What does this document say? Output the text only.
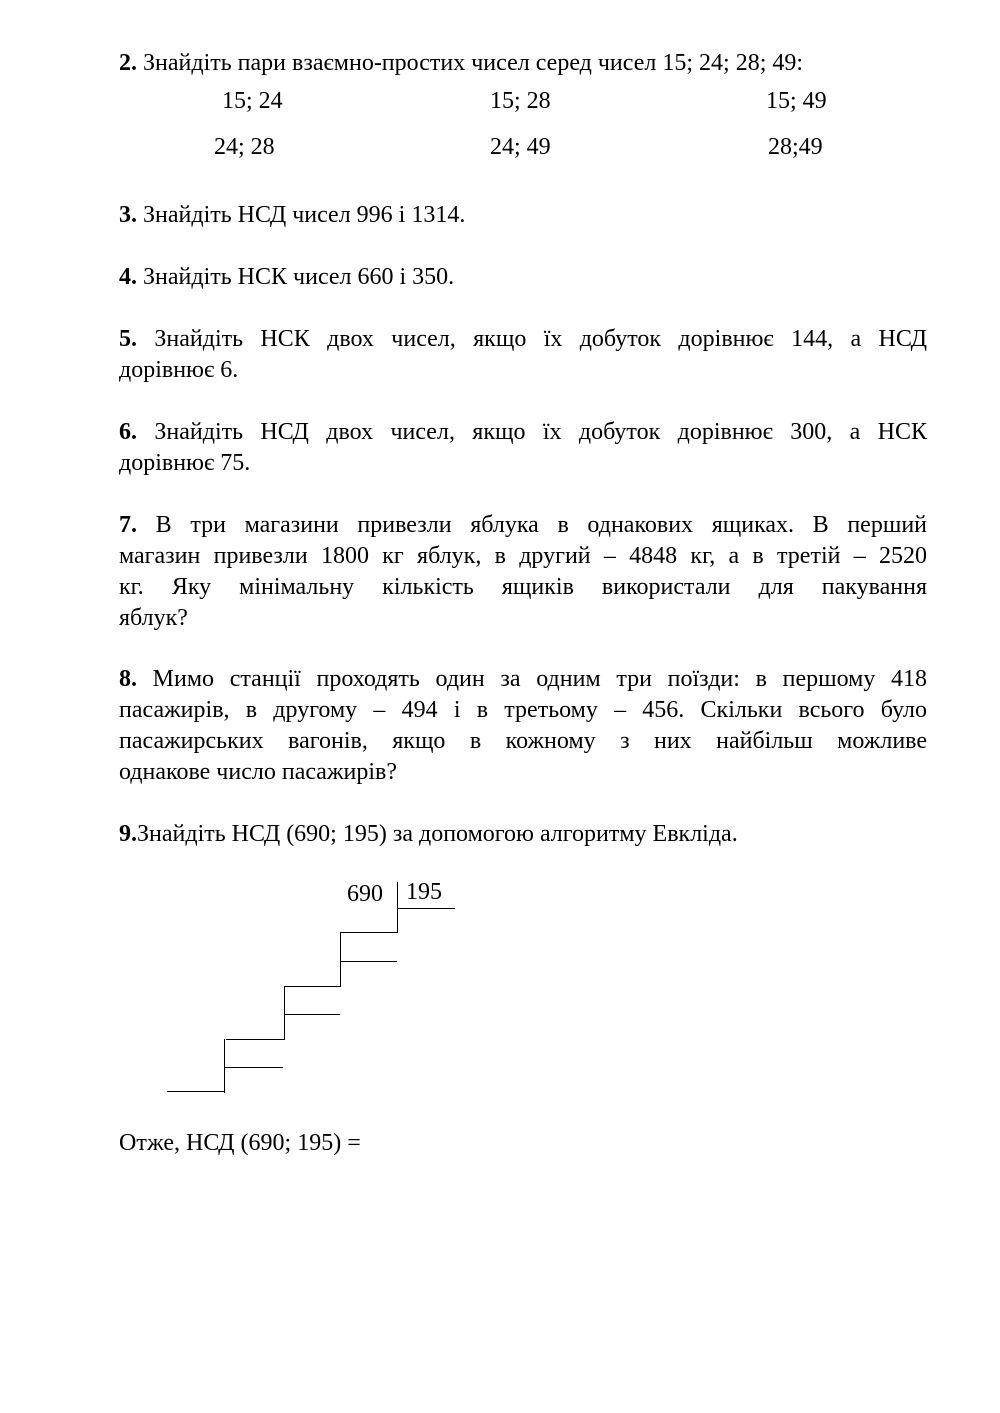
2. Знайдіть пари взаємно-простих чисел серед чисел 15; 24; 28; 49:
15; 24	15; 28	15; 49
24; 28	24; 49	28;49
3. Знайдіть НСД чисел 996 і 1314.
4. Знайдіть НСК чисел 660 і 350.
5. Знайдіть НСК двох чисел, якщо їх добуток дорівнює 144, а НСД
дорівнює 6.
6. Знайдіть НСД двох чисел, якщо їх добуток дорівнює 300, а НСК
дорівнює 75.
7. В три магазини привезли яблука в однакових ящиках. В перший
магазин привезли 1800 кг яблук, в другий – 4848 кг, а в третій – 2520
кг. Яку мінімальну кількість ящиків використали для пакування
яблук?
8. Мимо станції проходять один за одним три поїзди: в першому 418
пасажирів, в другому – 494 і в третьому – 456. Скільки всього було
пасажирських вагонів, якщо в кожному з них найбільш можливе
однакове число пасажирів?
9.Знайдіть НСД (690; 195) за допомогою алгоритму Евкліда.
690 195
Отже, НСД (690; 195) =
